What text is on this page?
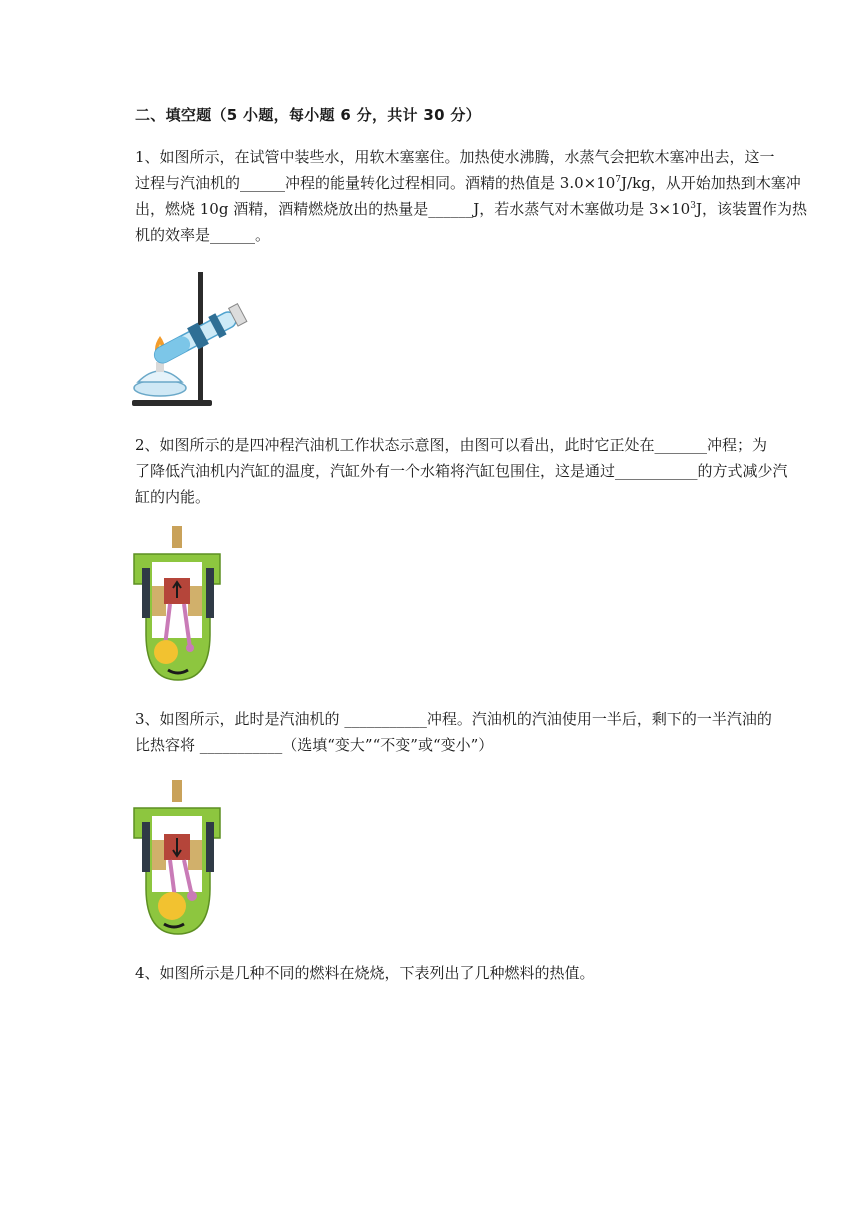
二、填空题（5 小题，每小题 6 分，共计 30 分）
1、如图所示，在试管中装些水，用软木塞塞住。加热使水沸腾，水蒸气会把软木塞冲出去，这一
过程与汽油机的______冲程的能量转化过程相同。酒精的热值是 $3.0\times 10^7J/kg$，从开始加热到木塞冲
出，燃烧 10g 酒精，酒精燃烧放出的热量是______J，若水蒸气对木塞做功是 $3\times 10^3J$，该装置作为热
机的效率是______。
2、如图所示的是四冲程汽油机工作状态示意图，由图可以看出，此时它正处在_______冲程；为
了降低汽油机内汽缸的温度，汽缸外有一个水箱将汽缸包围住，这是通过___________的方式减少汽
缸的内能。
3、如图所示，此时是汽油机的 ___________冲程。汽油机的汽油使用一半后，剩下的一半汽油的
比热容将 ___________（选填“变大”“不变”或“变小”）
4、如图所示是几种不同的燃料在烧烧，下表列出了几种燃料的热值。
